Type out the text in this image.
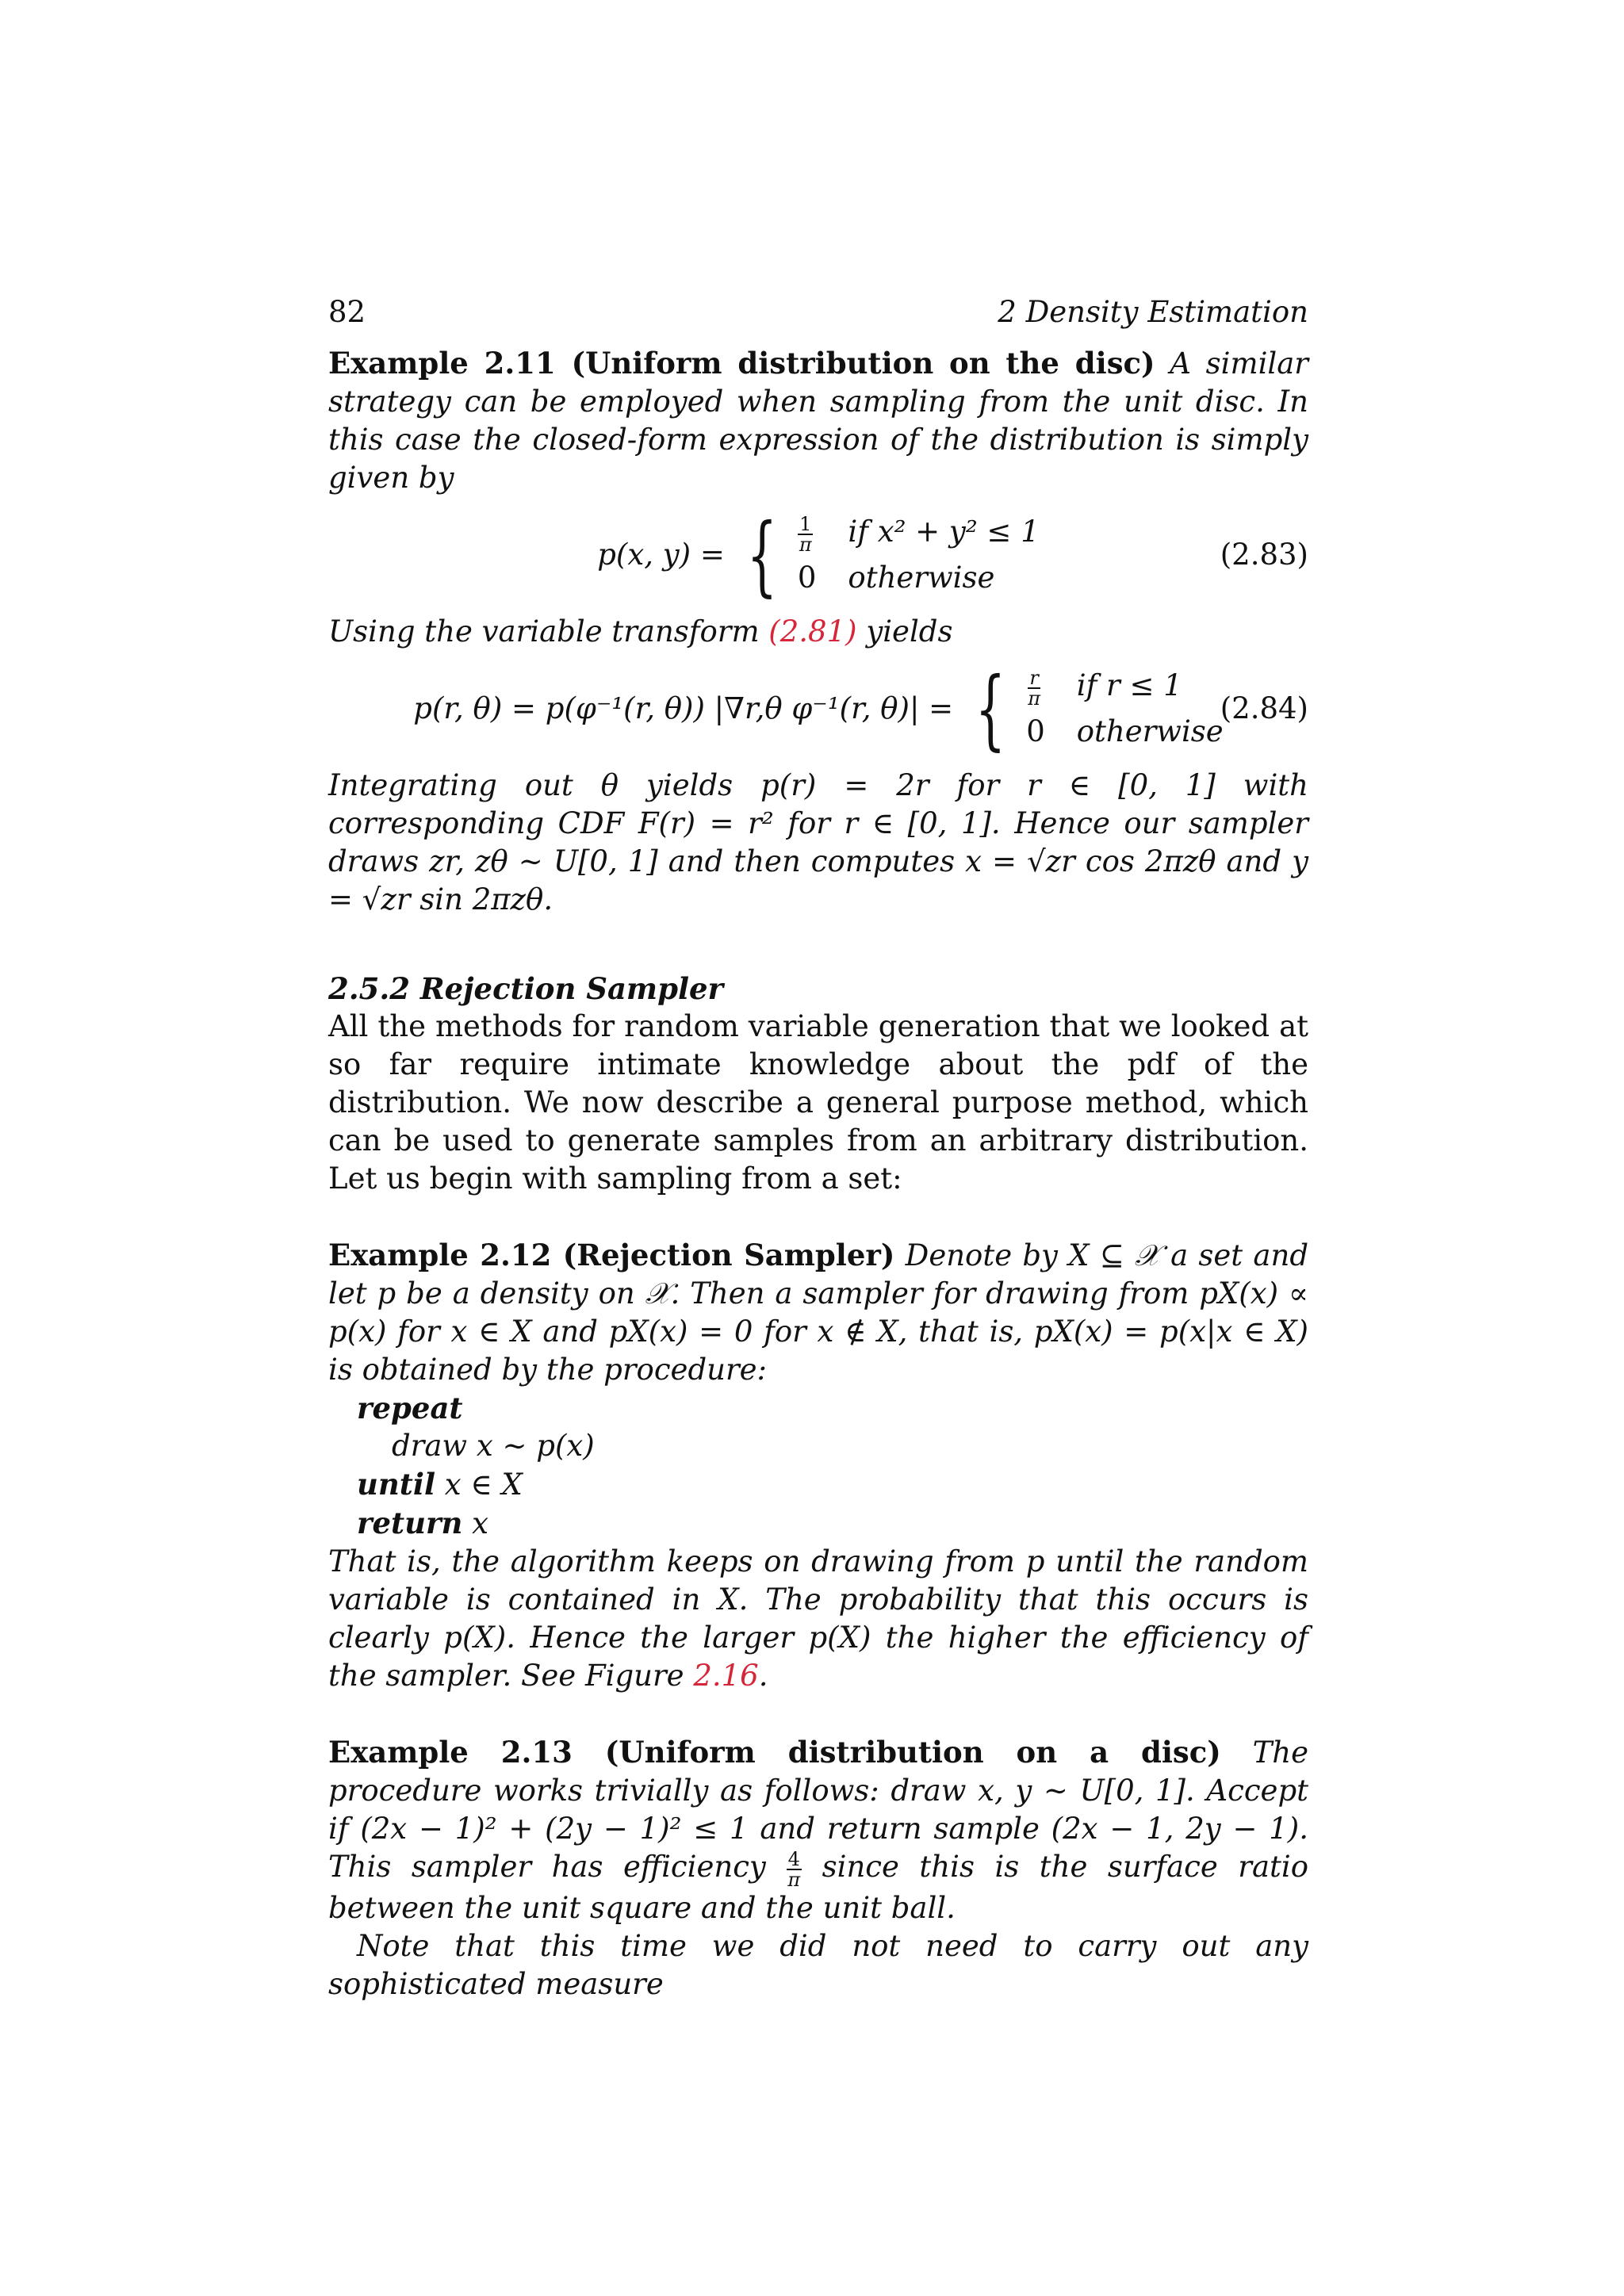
82	2 Density Estimation

Example 2.11 (Uniform distribution on the disc) A similar strategy can be employed when sampling from the unit disc. In this case the closed-form expression of the distribution is simply given by

p(x, y) = { $\frac{1}{\pi}$ if x² + y² ≤ 1
0 otherwise
(2.83)

Using the variable transform (2.81) yields

p(r, θ) = p(φ⁻¹(r, θ)) |∇r,θ φ⁻¹(r, θ)| = { $\frac{r}{\pi}$ if r ≤ 1
0 otherwise
(2.84)

Integrating out θ yields p(r) = 2r for r ∈ [0, 1] with corresponding CDF F(r) = r² for r ∈ [0, 1]. Hence our sampler draws zr, zθ ∼ U[0, 1] and then computes x = √zr cos 2πzθ and y = √zr sin 2πzθ.

2.5.2 Rejection Sampler

All the methods for random variable generation that we looked at so far require intimate knowledge about the pdf of the distribution. We now describe a general purpose method, which can be used to generate samples from an arbitrary distribution. Let us begin with sampling from a set:

Example 2.12 (Rejection Sampler) Denote by X ⊆ 𝒳 a set and let p be a density on 𝒳. Then a sampler for drawing from pX(x) ∝ p(x) for x ∈ X and pX(x) = 0 for x ∉ X, that is, pX(x) = p(x|x ∈ X) is obtained by the procedure:

repeat
draw x ∼ p(x)
until x ∈ X
return x

That is, the algorithm keeps on drawing from p until the random variable is contained in X. The probability that this occurs is clearly p(X). Hence the larger p(X) the higher the efficiency of the sampler. See Figure 2.16.

Example 2.13 (Uniform distribution on a disc) The procedure works trivially as follows: draw x, y ∼ U[0, 1]. Accept if (2x − 1)² + (2y − 1)² ≤ 1 and return sample (2x − 1, 2y − 1). This sampler has efficiency $\frac{4}{\pi}$ since this is the surface ratio between the unit square and the unit ball.

Note that this time we did not need to carry out any sophisticated measure
